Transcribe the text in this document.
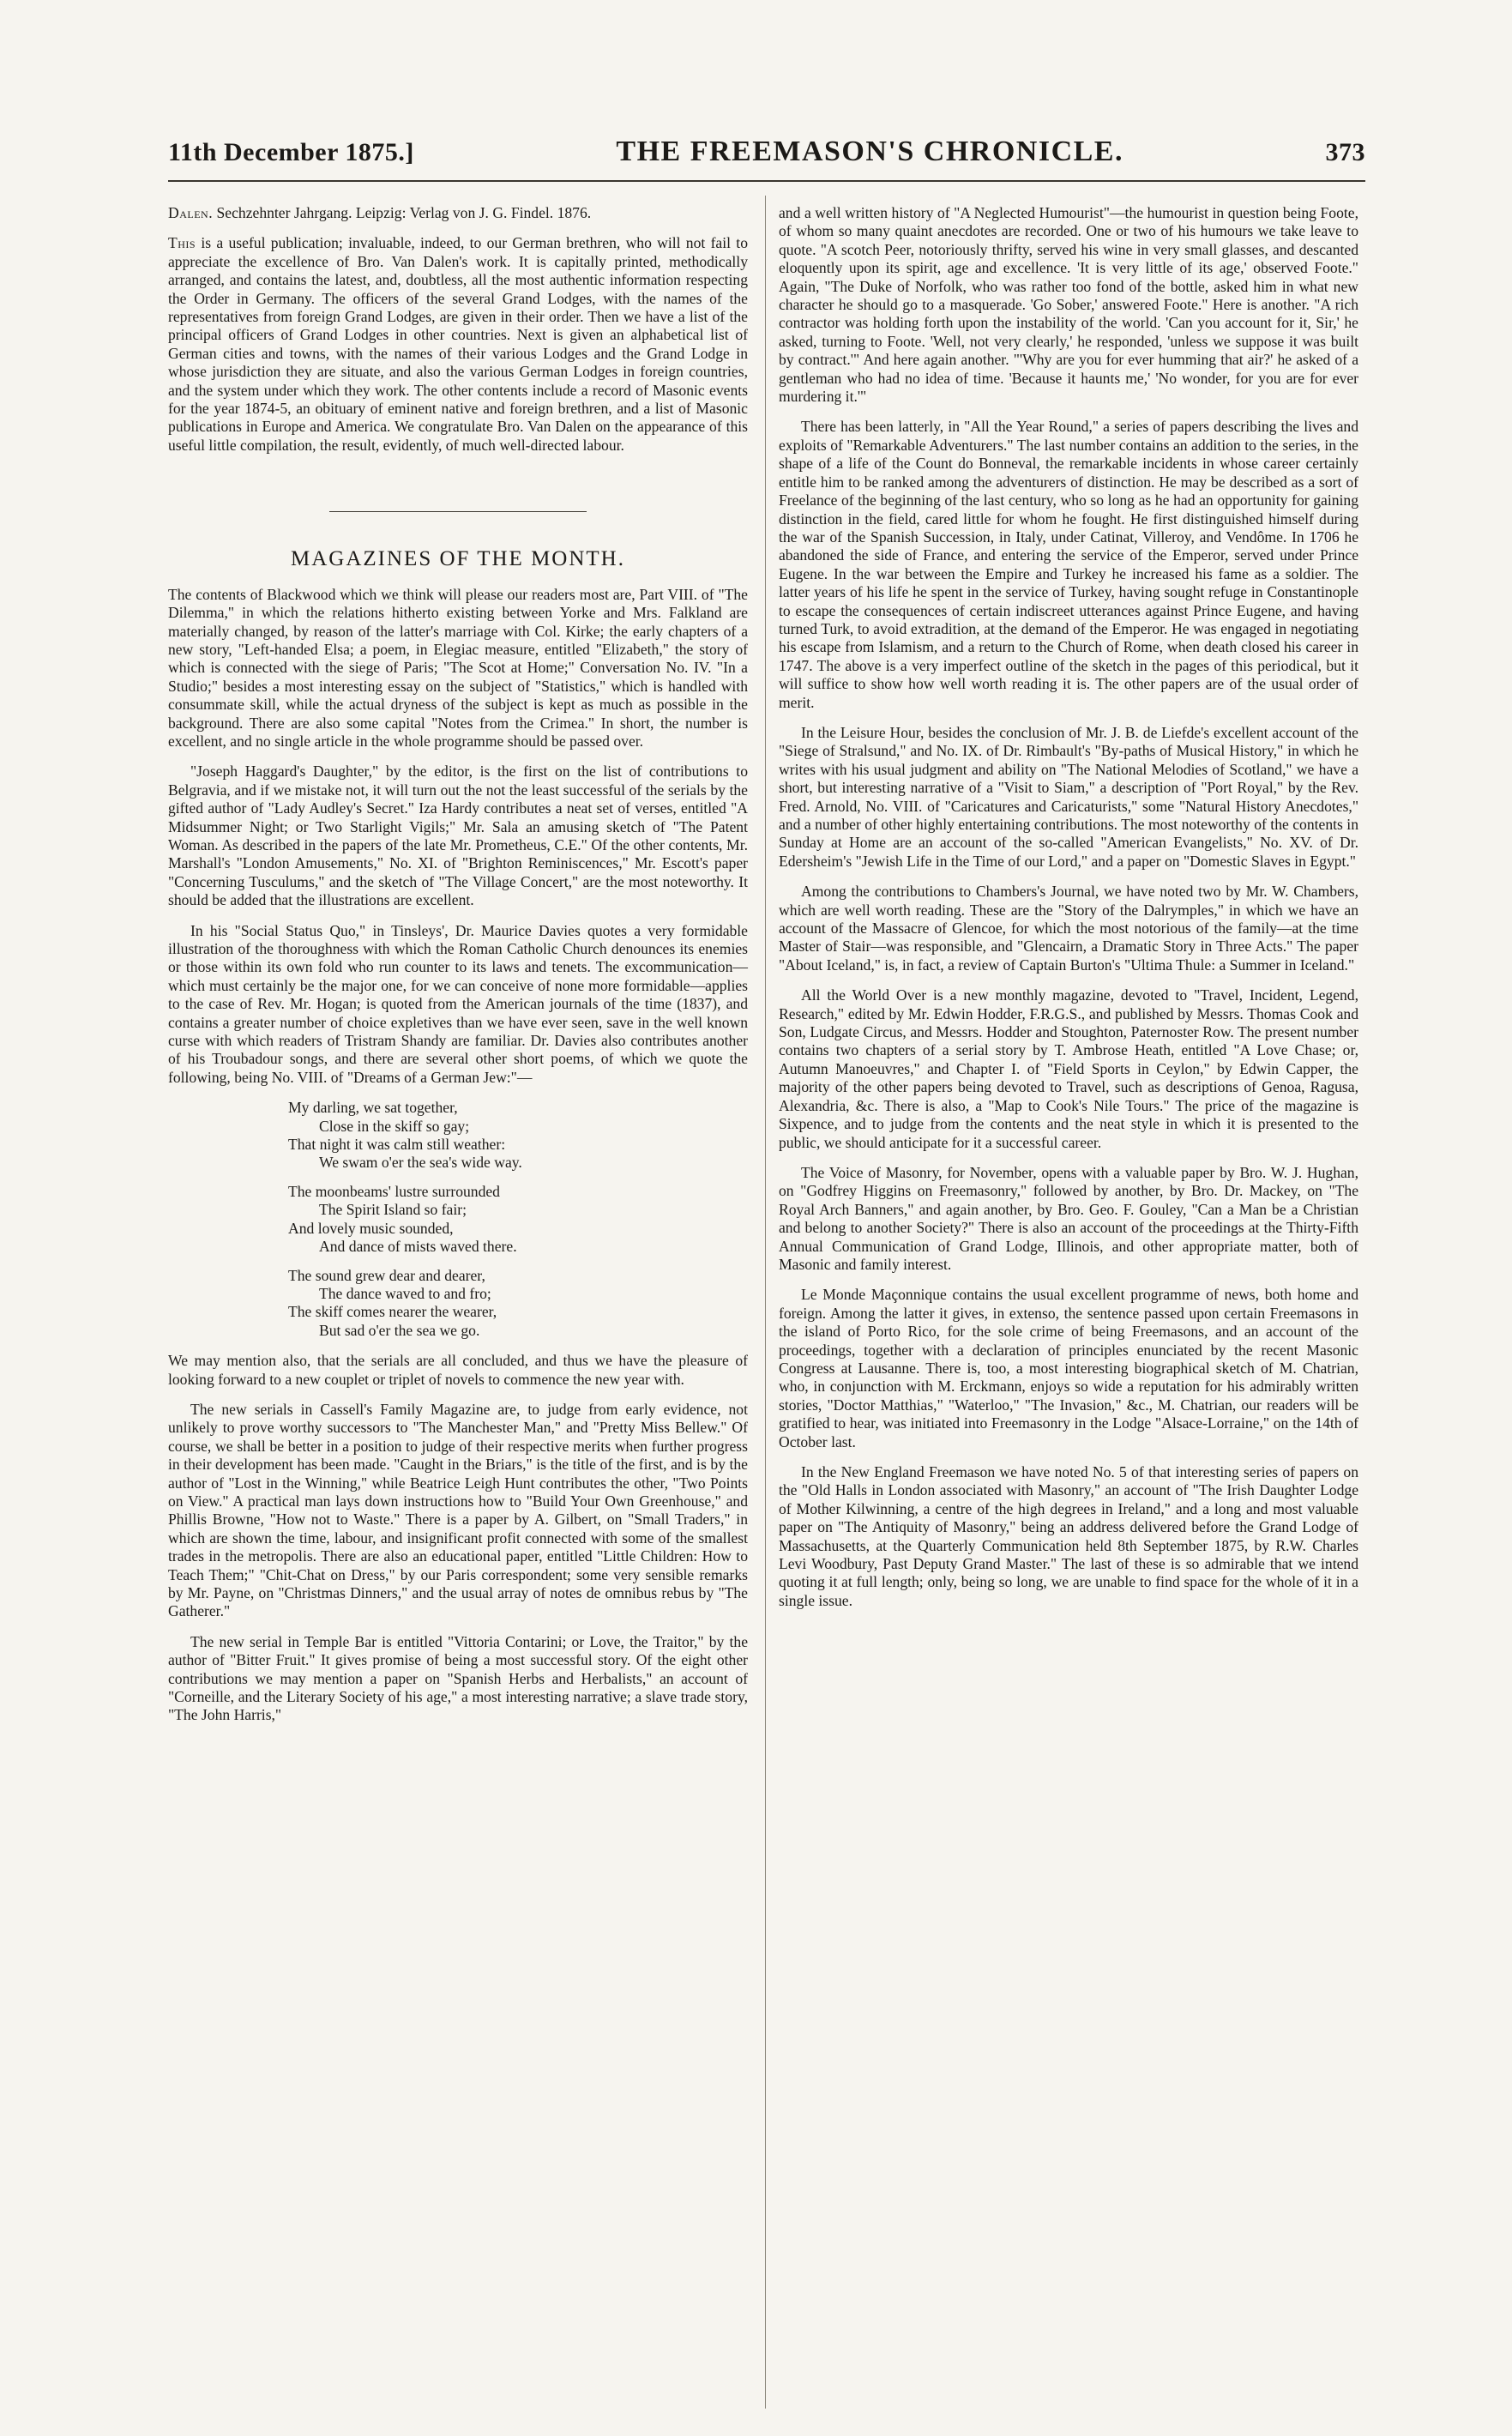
11th December 1875.]	THE FREEMASON'S CHRONICLE.	373
Dalen. Sechzehnter Jahrgang. Leipzig: Verlag von J. G. Findel. 1876.

This is a useful publication; invaluable, indeed, to our German brethren, who will not fail to appreciate the excellence of Bro. Van Dalen's work. It is capitally printed, methodically arranged, and contains the latest, and, doubtless, all the most authentic information respecting the Order in Germany. The officers of the several Grand Lodges, with the names of the representatives from foreign Grand Lodges, are given in their order. Then we have a list of the principal officers of Grand Lodges in other countries. Next is given an alphabetical list of German cities and towns, with the names of their various Lodges and the Grand Lodge in whose jurisdiction they are situate, and also the various German Lodges in foreign countries, and the system under which they work. The other contents include a record of Masonic events for the year 1874-5, an obituary of eminent native and foreign brethren, and a list of Masonic publications in Europe and America. We congratulate Bro. Van Dalen on the appearance of this useful little compilation, the result, evidently, of much well-directed labour.

MAGAZINES OF THE MONTH.

The contents of Blackwood which we think will please our readers most are, Part VIII. of "The Dilemma," in which the relations hitherto existing between Yorke and Mrs. Falkland are materially changed, by reason of the latter's marriage with Col. Kirke; the early chapters of a new story, "Left-handed Elsa; a poem, in Elegiac measure, entitled "Elizabeth," the story of which is connected with the siege of Paris; "The Scot at Home;" Conversation No. IV. "In a Studio;" besides a most interesting essay on the subject of "Statistics," which is handled with consummate skill, while the actual dryness of the subject is kept as much as possible in the background. There are also some capital "Notes from the Crimea." In short, the number is excellent, and no single article in the whole programme should be passed over.

"Joseph Haggard's Daughter," by the editor, is the first on the list of contributions to Belgravia, and if we mistake not, it will turn out the not the least successful of the serials by the gifted author of "Lady Audley's Secret." Iza Hardy contributes a neat set of verses, entitled "A Midsummer Night; or Two Starlight Vigils;" Mr. Sala an amusing sketch of "The Patent Woman. As described in the papers of the late Mr. Prometheus, C.E." Of the other contents, Mr. Marshall's "London Amusements," No. XI. of "Brighton Reminiscences," Mr. Escott's paper "Concerning Tusculums," and the sketch of "The Village Concert," are the most noteworthy. It should be added that the illustrations are excellent.

In his "Social Status Quo," in Tinsleys', Dr. Maurice Davies quotes a very formidable illustration of the thoroughness with which the Roman Catholic Church denounces its enemies or those within its own fold who run counter to its laws and tenets. The excommunication—which must certainly be the major one, for we can conceive of none more formidable—applies to the case of Rev. Mr. Hogan; is quoted from the American journals of the time (1837), and contains a greater number of choice expletives than we have ever seen, save in the well known curse with which readers of Tristram Shandy are familiar. Dr. Davies also contributes another of his Troubadour songs, and there are several other short poems, of which we quote the following, being No. VIII. of "Dreams of a German Jew:"—

My darling, we sat together,
Close in the skiff so gay;
That night it was calm still weather:
We swam o'er the sea's wide way.
The moonbeams' lustre surrounded
The Spirit Island so fair;
And lovely music sounded,
And dance of mists waved there.
The sound grew dear and dearer,
The dance waved to and fro;
The skiff comes nearer the wearer,
But sad o'er the sea we go.

We may mention also, that the serials are all concluded, and thus we have the pleasure of looking forward to a new couplet or triplet of novels to commence the new year with.

The new serials in Cassell's Family Magazine are, to judge from early evidence, not unlikely to prove worthy successors to "The Manchester Man," and "Pretty Miss Bellew." Of course, we shall be better in a position to judge of their respective merits when further progress in their development has been made. "Caught in the Briars," is the title of the first, and is by the author of "Lost in the Winning," while Beatrice Leigh Hunt contributes the other, "Two Points on View." A practical man lays down instructions how to "Build Your Own Greenhouse," and Phillis Browne, "How not to Waste." There is a paper by A. Gilbert, on "Small Traders," in which are shown the time, labour, and insignificant profit connected with some of the smallest trades in the metropolis. There are also an educational paper, entitled "Little Children: How to Teach Them;" "Chit-Chat on Dress," by our Paris correspondent; some very sensible remarks by Mr. Payne, on "Christmas Dinners," and the usual array of notes de omnibus rebus by "The Gatherer."

The new serial in Temple Bar is entitled "Vittoria Contarini; or Love, the Traitor," by the author of "Bitter Fruit." It gives promise of being a most successful story. Of the eight other contributions we may mention a paper on "Spanish Herbs and Herbalists," an account of "Corneille, and the Literary Society of his age," a most interesting narrative; a slave trade story, "The John Harris,"

and a well written history of "A Neglected Humourist"—the humourist in question being Foote, of whom so many quaint anecdotes are recorded. One or two of his humours we take leave to quote. "A scotch Peer, notoriously thrifty, served his wine in very small glasses, and descanted eloquently upon its spirit, age and excellence. 'It is very little of its age,' observed Foote." Again, "The Duke of Norfolk, who was rather too fond of the bottle, asked him in what new character he should go to a masquerade. 'Go Sober,' answered Foote." Here is another. "A rich contractor was holding forth upon the instability of the world. 'Can you account for it, Sir,' he asked, turning to Foote. 'Well, not very clearly,' he responded, 'unless we suppose it was built by contract.'" And here again another. "'Why are you for ever humming that air?' he asked of a gentleman who had no idea of time. 'Because it haunts me,' 'No wonder, for you are for ever murdering it.'"

There has been latterly, in "All the Year Round," a series of papers describing the lives and exploits of "Remarkable Adventurers." The last number contains an addition to the series, in the shape of a life of the Count do Bonneval, the remarkable incidents in whose career certainly entitle him to be ranked among the adventurers of distinction. He may be described as a sort of Freelance of the beginning of the last century, who so long as he had an opportunity for gaining distinction in the field, cared little for whom he fought. He first distinguished himself during the war of the Spanish Succession, in Italy, under Catinat, Villeroy, and Vendôme. In 1706 he abandoned the side of France, and entering the service of the Emperor, served under Prince Eugene. In the war between the Empire and Turkey he increased his fame as a soldier. The latter years of his life he spent in the service of Turkey, having sought refuge in Constantinople to escape the consequences of certain indiscreet utterances against Prince Eugene, and having turned Turk, to avoid extradition, at the demand of the Emperor. He was engaged in negotiating his escape from Islamism, and a return to the Church of Rome, when death closed his career in 1747. The above is a very imperfect outline of the sketch in the pages of this periodical, but it will suffice to show how well worth reading it is. The other papers are of the usual order of merit.

In the Leisure Hour, besides the conclusion of Mr. J. B. de Liefde's excellent account of the "Siege of Stralsund," and No. IX. of Dr. Rimbault's "By-paths of Musical History," in which he writes with his usual judgment and ability on "The National Melodies of Scotland," we have a short, but interesting narrative of a "Visit to Siam," a description of "Port Royal," by the Rev. Fred. Arnold, No. VIII. of "Caricatures and Caricaturists," some "Natural History Anecdotes," and a number of other highly entertaining contributions. The most noteworthy of the contents in Sunday at Home are an account of the so-called "American Evangelists," No. XV. of Dr. Edersheim's "Jewish Life in the Time of our Lord," and a paper on "Domestic Slaves in Egypt."

Among the contributions to Chambers's Journal, we have noted two by Mr. W. Chambers, which are well worth reading. These are the "Story of the Dalrymples," in which we have an account of the Massacre of Glencoe, for which the most notorious of the family—at the time Master of Stair—was responsible, and "Glencairn, a Dramatic Story in Three Acts." The paper "About Iceland," is, in fact, a review of Captain Burton's "Ultima Thule: a Summer in Iceland."

All the World Over is a new monthly magazine, devoted to "Travel, Incident, Legend, Research," edited by Mr. Edwin Hodder, F.R.G.S., and published by Messrs. Thomas Cook and Son, Ludgate Circus, and Messrs. Hodder and Stoughton, Paternoster Row. The present number contains two chapters of a serial story by T. Ambrose Heath, entitled "A Love Chase; or, Autumn Manoeuvres," and Chapter I. of "Field Sports in Ceylon," by Edwin Capper, the majority of the other papers being devoted to Travel, such as descriptions of Genoa, Ragusa, Alexandria, &c. There is also, a "Map to Cook's Nile Tours." The price of the magazine is Sixpence, and to judge from the contents and the neat style in which it is presented to the public, we should anticipate for it a successful career.

The Voice of Masonry, for November, opens with a valuable paper by Bro. W. J. Hughan, on "Godfrey Higgins on Freemasonry," followed by another, by Bro. Dr. Mackey, on "The Royal Arch Banners," and again another, by Bro. Geo. F. Gouley, "Can a Man be a Christian and belong to another Society?" There is also an account of the proceedings at the Thirty-Fifth Annual Communication of Grand Lodge, Illinois, and other appropriate matter, both of Masonic and family interest.

Le Monde Maçonnique contains the usual excellent programme of news, both home and foreign. Among the latter it gives, in extenso, the sentence passed upon certain Freemasons in the island of Porto Rico, for the sole crime of being Freemasons, and an account of the proceedings, together with a declaration of principles enunciated by the recent Masonic Congress at Lausanne. There is, too, a most interesting biographical sketch of M. Chatrian, who, in conjunction with M. Erckmann, enjoys so wide a reputation for his admirably written stories, "Doctor Matthias," "Waterloo," "The Invasion," &c., M. Chatrian, our readers will be gratified to hear, was initiated into Freemasonry in the Lodge "Alsace-Lorraine," on the 14th of October last.

In the New England Freemason we have noted No. 5 of that interesting series of papers on the "Old Halls in London associated with Masonry," an account of "The Irish Daughter Lodge of Mother Kilwinning, a centre of the high degrees in Ireland," and a long and most valuable paper on "The Antiquity of Masonry," being an address delivered before the Grand Lodge of Massachusetts, at the Quarterly Communication held 8th September 1875, by R.W. Charles Levi Woodbury, Past Deputy Grand Master." The last of these is so admirable that we intend quoting it at full length; only, being so long, we are unable to find space for the whole of it in a single issue.
